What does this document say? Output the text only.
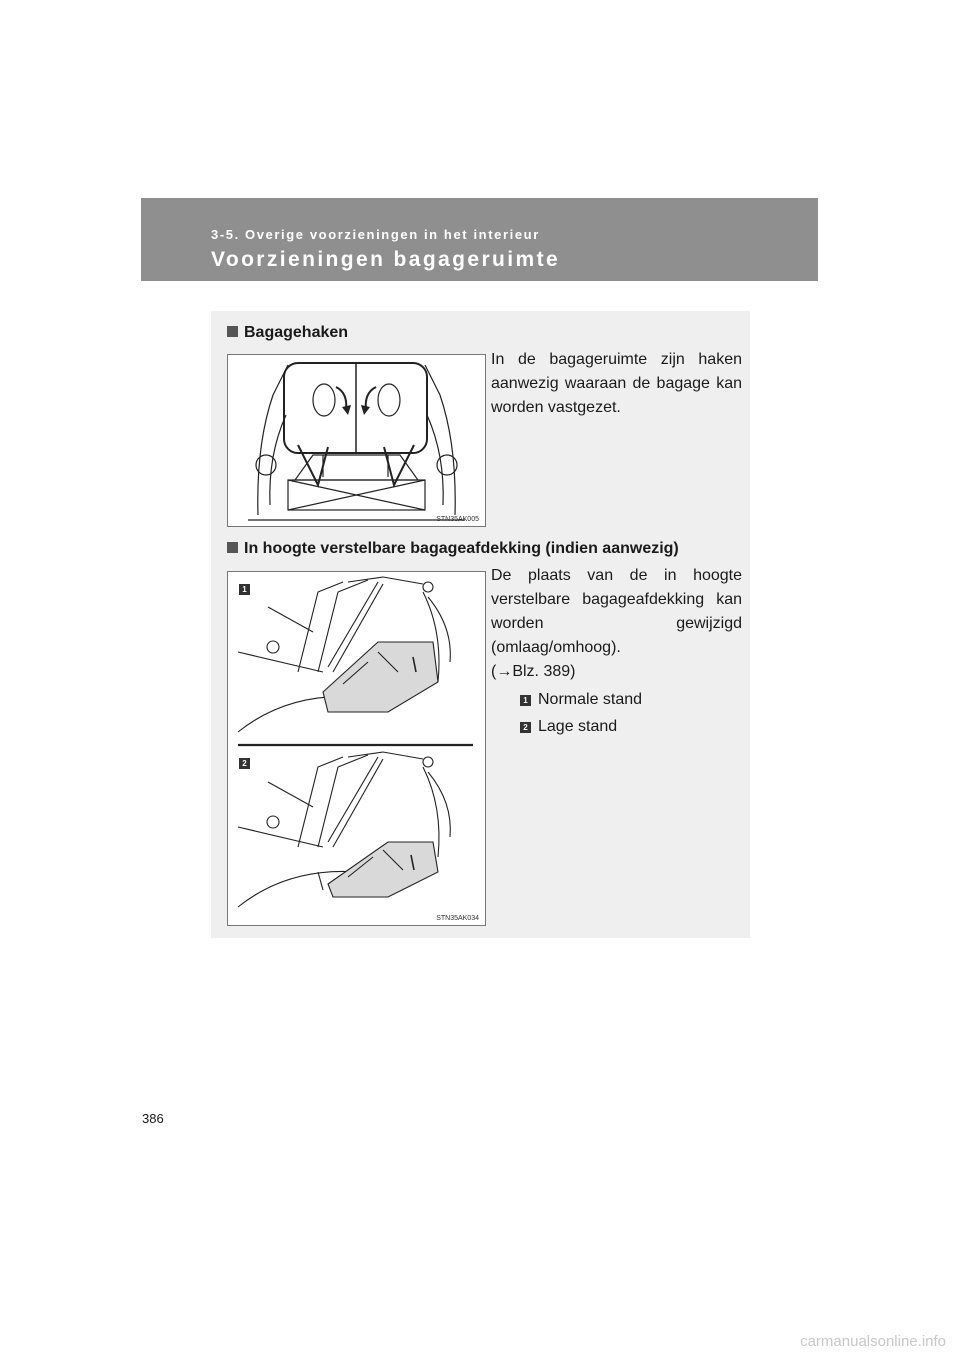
3-5. Overige voorzieningen in het interieur
Voorzieningen bagageruimte
Bagagehaken
STN35AK005
In de bagageruimte zijn haken aanwezig waaraan de bagage kan worden vastgezet.
In hoogte verstelbare bagageafdekking (indien aanwezig)
1
2
STN35AK034
De plaats van de in hoogte verstelbare bagageafdekking kan worden gewijzigd (omlaag/omhoog).
(→Blz. 389)
1 Normale stand
2 Lage stand
386
carmanualsonline.info
